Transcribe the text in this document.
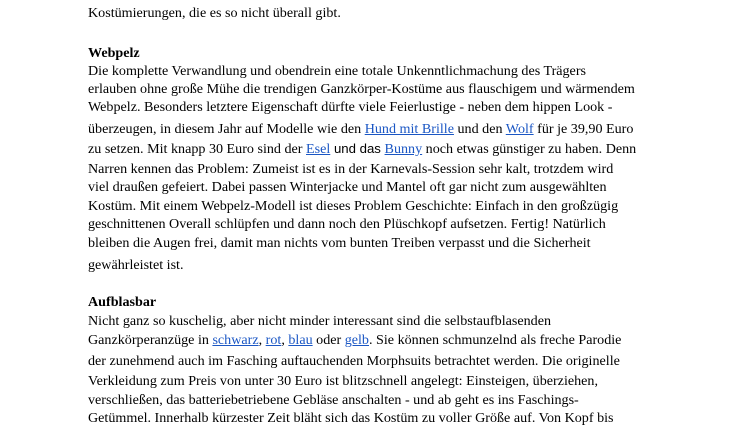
Kostümierungen, die es so nicht überall gibt.
Webpelz
Die komplette Verwandlung und obendrein eine totale Unkenntlichmachung des Trägers
erlauben ohne große Mühe die trendigen Ganzkörper-Kostüme aus flauschigem und wärmendem
Webpelz. Besonders letztere Eigenschaft dürfte viele Feierlustige - neben dem hippen Look -
überzeugen, in diesem Jahr auf Modelle wie den Hund mit Brille und den Wolf für je 39,90 Euro
zu setzen. Mit knapp 30 Euro sind der Esel und das Bunny noch etwas günstiger zu haben. Denn
Narren kennen das Problem: Zumeist ist es in der Karnevals-Session sehr kalt, trotzdem wird
viel draußen gefeiert. Dabei passen Winterjacke und Mantel oft gar nicht zum ausgewählten
Kostüm. Mit einem Webpelz-Modell ist dieses Problem Geschichte: Einfach in den großzügig
geschnittenen Overall schlüpfen und dann noch den Plüschkopf aufsetzen. Fertig! Natürlich
bleiben die Augen frei, damit man nichts vom bunten Treiben verpasst und die Sicherheit
gewährleistet ist.
Aufblasbar
Nicht ganz so kuschelig, aber nicht minder interessant sind die selbstaufblasenden
Ganzkörperanzüge in schwarz, rot, blau oder gelb. Sie können schmunzelnd als freche Parodie
der zunehmend auch im Fasching auftauchenden Morphsuits betrachtet werden. Die originelle
Verkleidung zum Preis von unter 30 Euro ist blitzschnell angelegt: Einsteigen, überziehen,
verschließen, das batteriebetriebene Gebläse anschalten - und ab geht es ins Faschings-
Getümmel. Innerhalb kürzester Zeit bläht sich das Kostüm zu voller Größe auf. Von Kopf bis
